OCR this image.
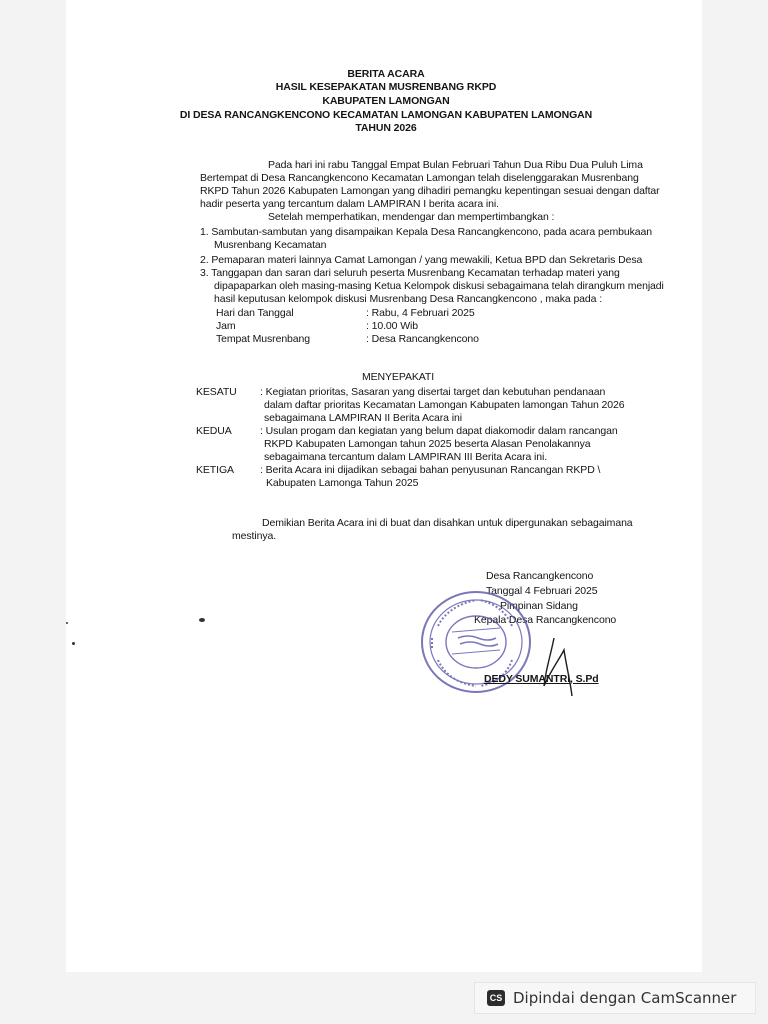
BERITA ACARA
HASIL KESEPAKATAN MUSRENBANG RKPD
KABUPATEN LAMONGAN
DI DESA RANCANGKENCONO KECAMATAN LAMONGAN KABUPATEN LAMONGAN
TAHUN 2026
Pada hari ini rabu Tanggal Empat Bulan Februari Tahun Dua Ribu Dua Puluh Lima
Bertempat di Desa Rancangkencono Kecamatan Lamongan telah diselenggarakan Musrenbang
RKPD Tahun 2026 Kabupaten Lamongan yang dihadiri pemangku kepentingan sesuai dengan daftar
hadir peserta yang tercantum dalam LAMPIRAN I berita acara ini.
Setelah memperhatikan, mendengar dan mempertimbangkan :
1. Sambutan-sambutan yang disampaikan Kepala Desa Rancangkencono, pada acara pembukaan
Musrenbang Kecamatan
2. Pemaparan materi lainnya Camat Lamongan / yang mewakili, Ketua BPD dan Sekretaris Desa
3. Tanggapan dan saran dari seluruh peserta Musrenbang Kecamatan terhadap materi yang
dipapaparkan oleh masing-masing Ketua Kelompok diskusi sebagaimana telah dirangkum menjadi
hasil keputusan kelompok diskusi Musrenbang Desa Rancangkencono , maka pada :
Hari dan Tanggal	: Rabu, 4 Februari 2025
Jam	: 10.00 Wib
Tempat Musrenbang	: Desa Rancangkencono
MENYEPAKATI
KESATU : Kegiatan prioritas, Sasaran yang disertai target dan kebutuhan pendanaan
dalam daftar prioritas Kecamatan Lamongan Kabupaten lamongan Tahun 2026
sebagaimana LAMPIRAN II Berita Acara ini
KEDUA	: Usulan progam dan kegiatan yang belum dapat diakomodir dalam rancangan
RKPD Kabupaten Lamongan tahun 2025 beserta Alasan Penolakannya
sebagaimana tercantum dalam LAMPIRAN III Berita Acara ini.
KETIGA : Berita Acara ini dijadikan sebagai bahan penyusunan Rancangan RKPD \
Kabupaten Lamonga Tahun 2025
Demikian Berita Acara ini di buat dan disahkan untuk dipergunakan sebagaimana
mestinya.
Desa Rancangkencono
Tanggal 4 Februari 2025
Pimpinan Sidang
Kepala Desa Rancangkencono
DEDY SUMANTRI, S.Pd
CS Dipindai dengan CamScanner
